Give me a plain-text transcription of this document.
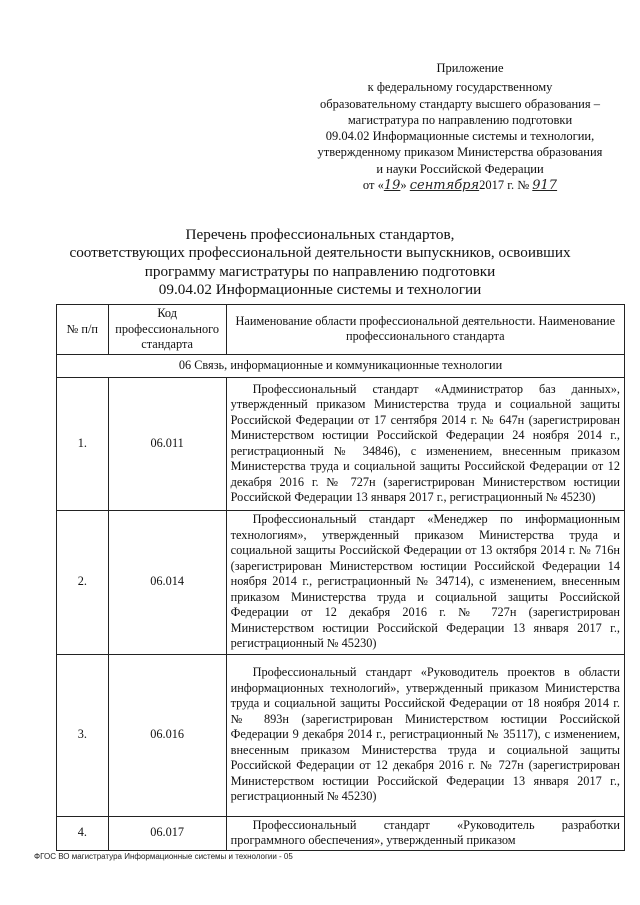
Приложение
к федеральному государственному
образовательному стандарту высшего образования –
магистратура по направлению подготовки
09.04.02 Информационные системы и технологии,
утвержденному приказом Министерства образования
и науки Российской Федерации
от «19» сентября2017 г. № 917
Перечень профессиональных стандартов,
соответствующих профессиональной деятельности выпускников, освоивших
программу магистратуры по направлению подготовки
09.04.02 Информационные системы и технологии
№ п/п	Код профессионального стандарта	Наименование области профессиональной деятельности. Наименование профессионального стандарта
06 Связь, информационные и коммуникационные технологии		
1.	06.011	Профессиональный стандарт «Администратор баз данных», утвержденный приказом Министерства труда и социальной защиты Российской Федерации от 17 сентября 2014 г. № 647н (зарегистрирован Министерством юстиции Российской Федерации 24 ноября 2014 г., регистрационный № 34846), с изменением, внесенным приказом Министерства труда и социальной защиты Российской Федерации от 12 декабря 2016 г. № 727н (зарегистрирован Министерством юстиции Российской Федерации 13 января 2017 г., регистрационный № 45230)
2.	06.014	Профессиональный стандарт «Менеджер по информационным технологиям», утвержденный приказом Министерства труда и социальной защиты Российской Федерации от 13 октября 2014 г. № 716н (зарегистрирован Министерством юстиции Российской Федерации 14 ноября 2014 г., регистрационный № 34714), с изменением, внесенным приказом Министерства труда и социальной защиты Российской Федерации от 12 декабря 2016 г. № 727н (зарегистрирован Министерством юстиции Российской Федерации 13 января 2017 г., регистрационный № 45230)
3.	06.016	Профессиональный стандарт «Руководитель проектов в области информационных технологий», утвержденный приказом Министерства труда и социальной защиты Российской Федерации от 18 ноября 2014 г. № 893н (зарегистрирован Министерством юстиции Российской Федерации 9 декабря 2014 г., регистрационный № 35117), с изменением, внесенным приказом Министерства труда и социальной защиты Российской Федерации от 12 декабря 2016 г. № 727н (зарегистрирован Министерством юстиции Российской Федерации 13 января 2017 г., регистрационный № 45230)
4.	06.017	Профессиональный стандарт «Руководитель разработки программного обеспечения», утвержденный приказом
ФГОС ВО магистратура Информационные системы и технологии - 05
